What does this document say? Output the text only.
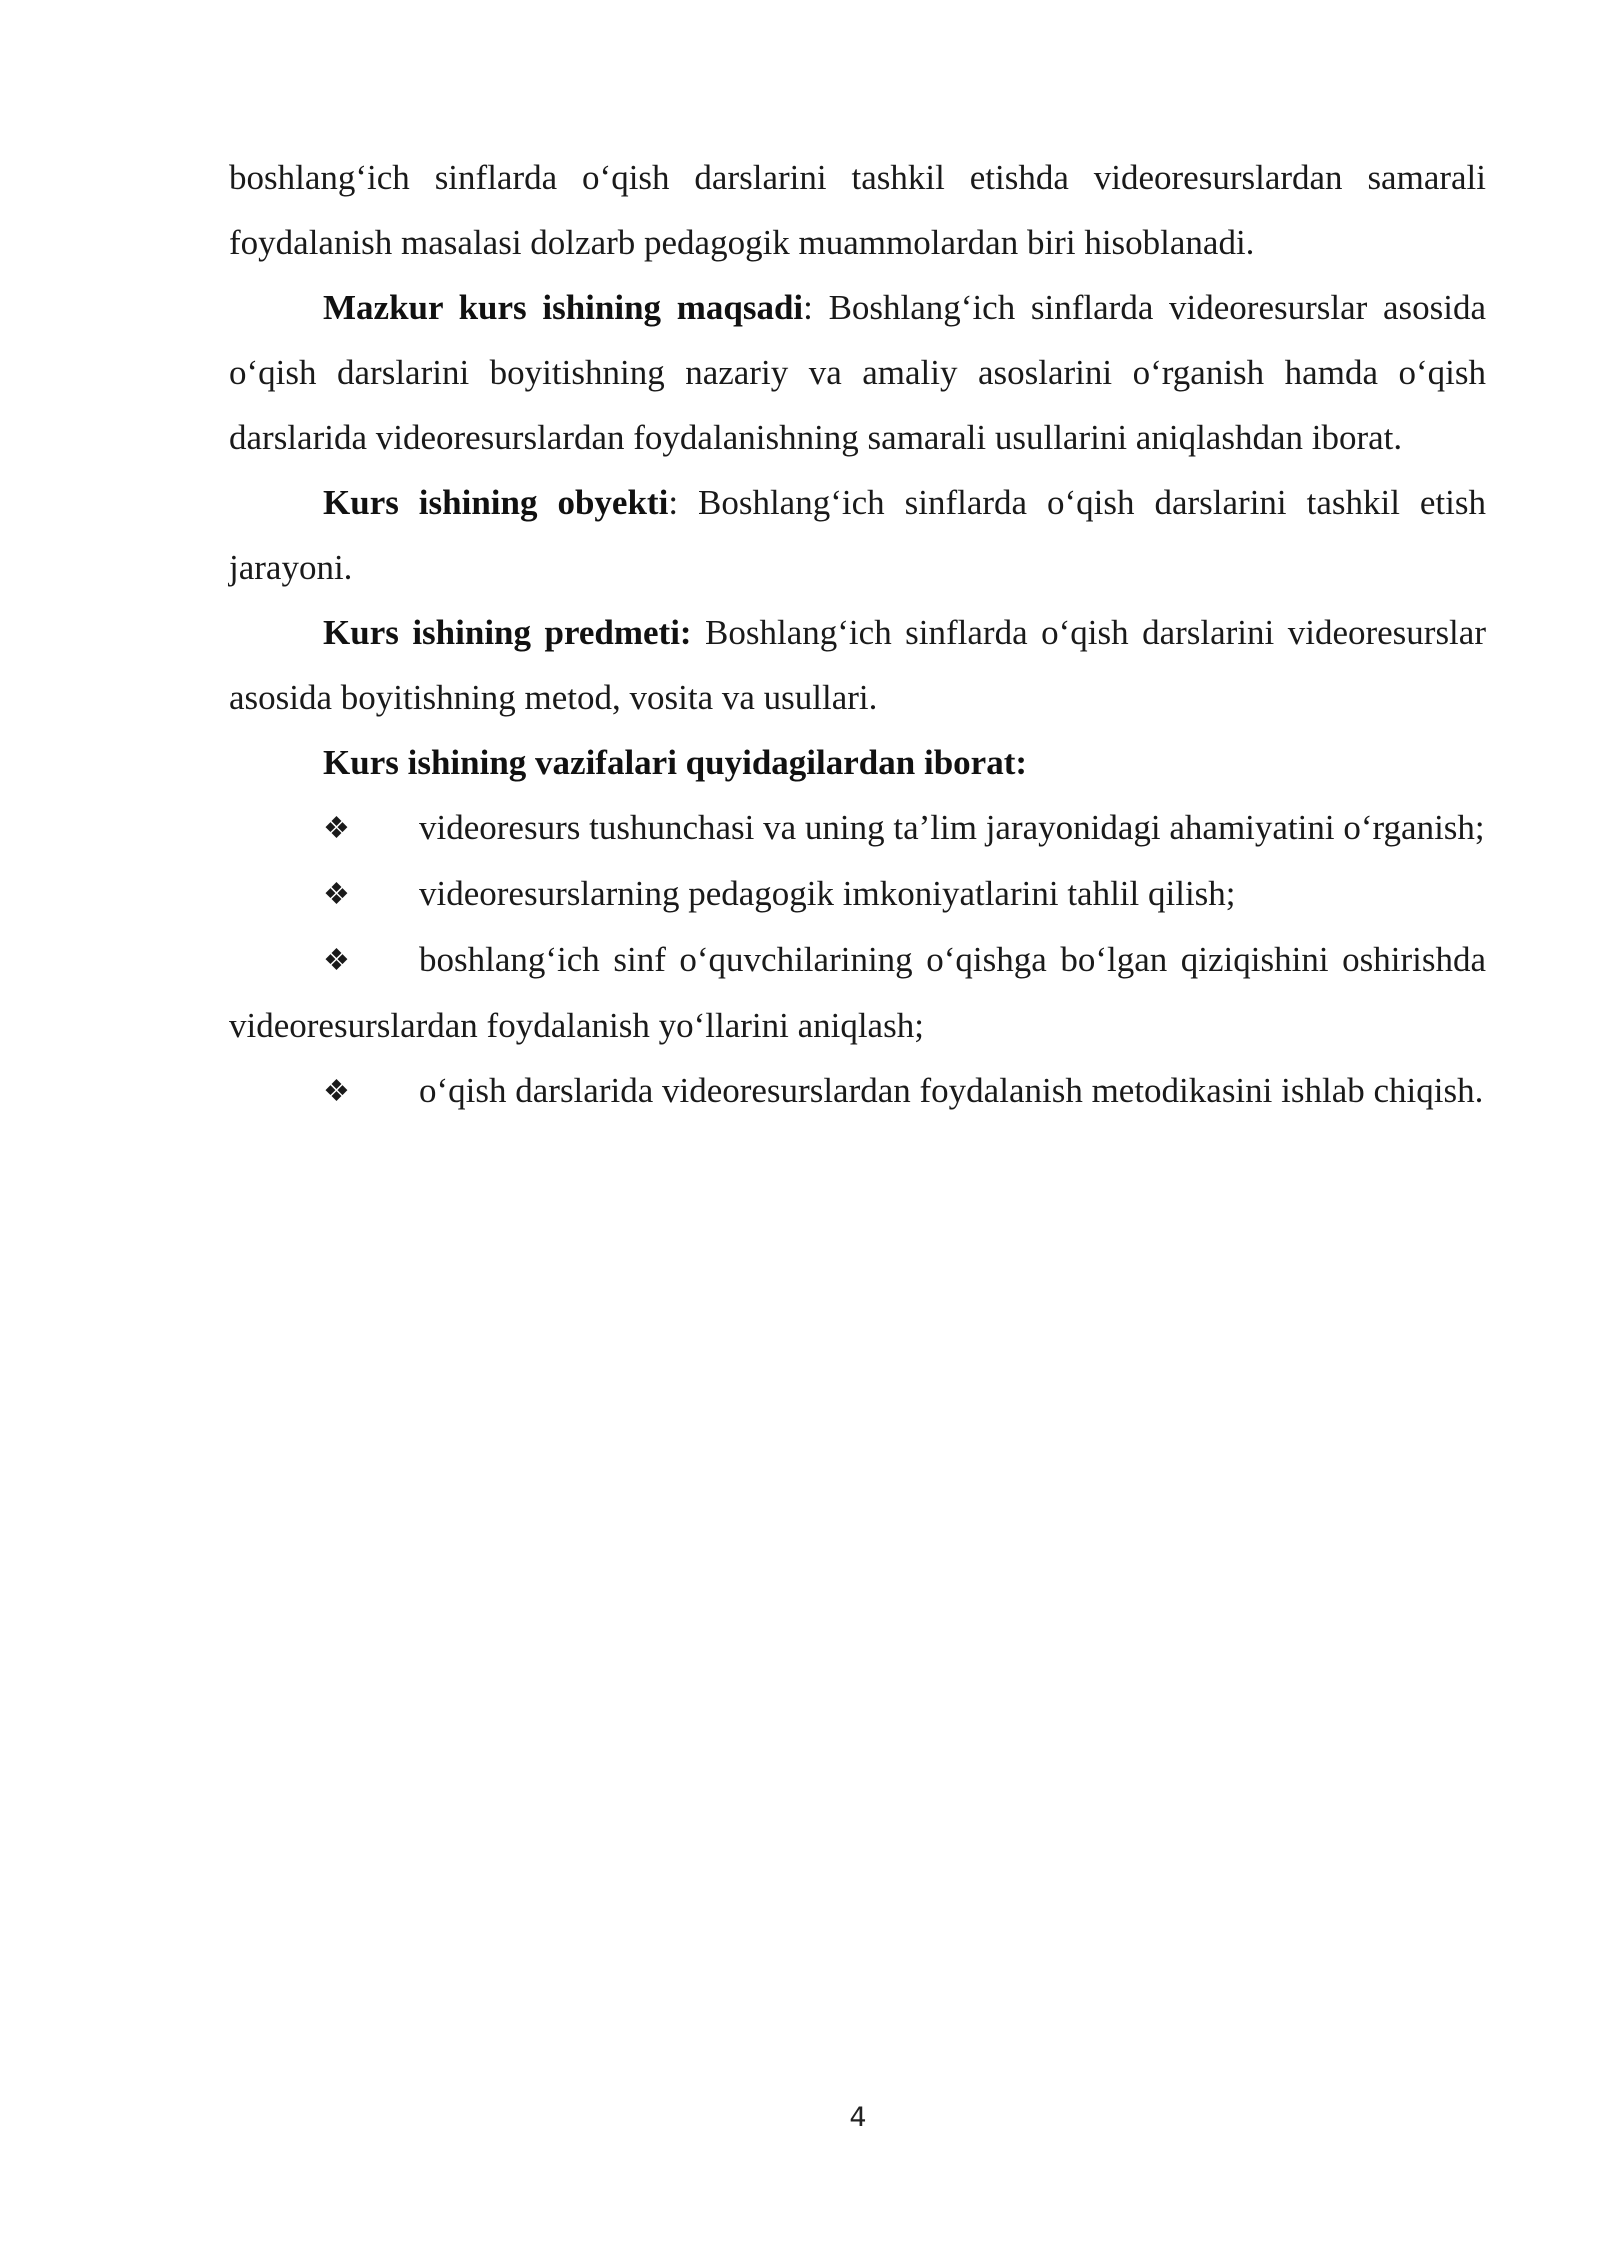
boshlang‘ich sinflarda o‘qish darslarini tashkil etishda videoresurslardan samarali foydalanish masalasi dolzarb pedagogik muammolardan biri hisoblanadi.

Mazkur kurs ishining maqsadi: Boshlang‘ich sinflarda videoresurslar asosida o‘qish darslarini boyitishning nazariy va amaliy asoslarini o‘rganish hamda o‘qish darslarida videoresurslardan foydalanishning samarali usullarini aniqlashdan iborat.

Kurs ishining obyekti: Boshlang‘ich sinflarda o‘qish darslarini tashkil etish jarayoni.

Kurs ishining predmeti: Boshlang‘ich sinflarda o‘qish darslarini videoresurslar asosida boyitishning metod, vosita va usullari.

Kurs ishining vazifalari quyidagilardan iborat:

❖ videoresurs tushunchasi va uning ta’lim jarayonidagi ahamiyatini o‘rganish;

❖ videoresurslarning pedagogik imkoniyatlarini tahlil qilish;

❖ boshlang‘ich sinf o‘quvchilarining o‘qishga bo‘lgan qiziqishini oshirishda videoresurslardan foydalanish yo‘llarini aniqlash;

❖ o‘qish darslarida videoresurslardan foydalanish metodikasini ishlab chiqish.

4
